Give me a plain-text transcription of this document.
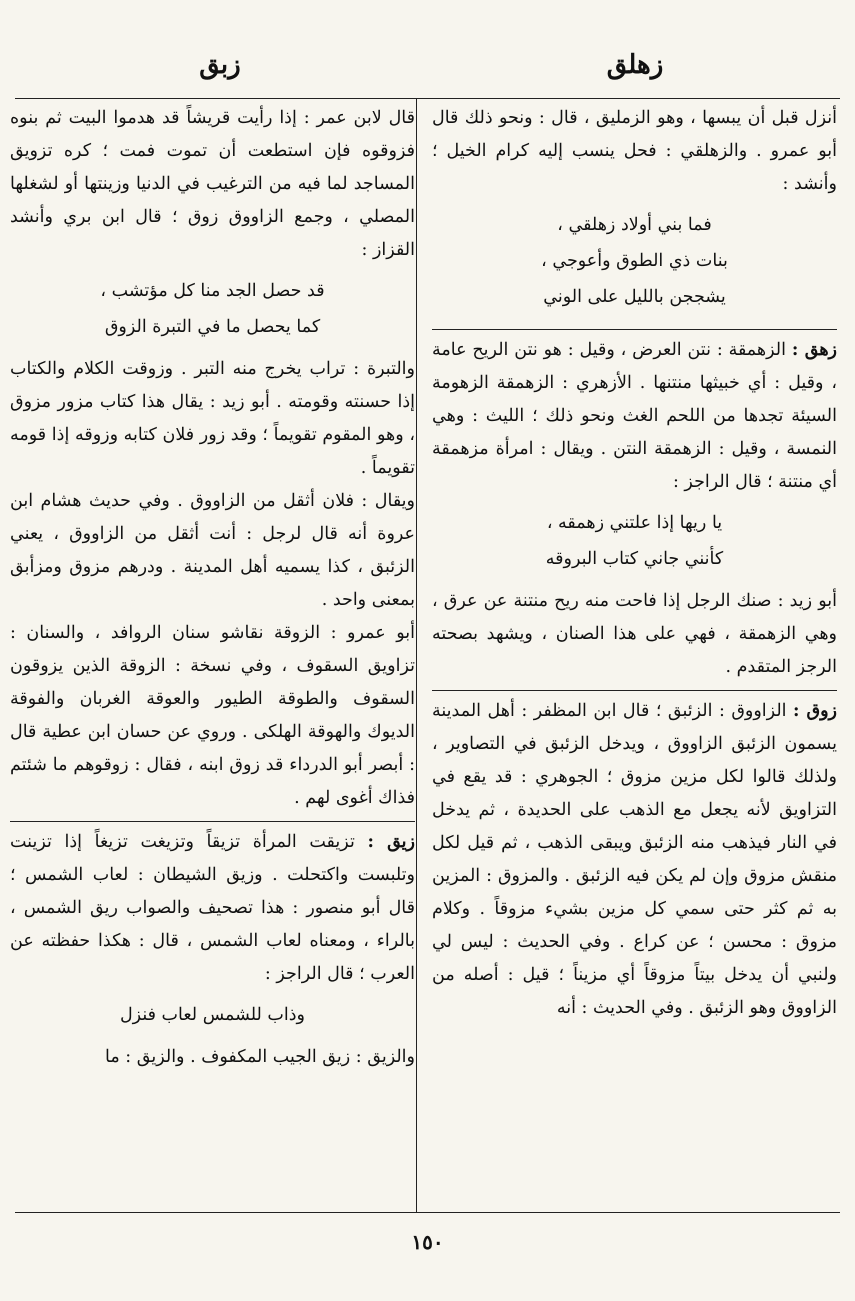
زهلق
زبق

أنزل قبل أن يبسها ، وهو الزمليق ، قال : ونحو ذلك قال أبو عمرو . والزهلقي : فحل ينسب إليه كرام الخيل ؛ وأنشد :

فما بني أولاد زهلقي ،
بنات ذي الطوق وأعوجي ،
يشججن بالليل على الوني

زهق : الزهمقة : نتن العرض ، وقيل : هو نتن الريح عامة ، وقيل : أي خبيثها منتنها . الأزهري : الزهمقة الزهومة السيئة تجدها من اللحم الغث ونحو ذلك ؛ الليث : وهي النمسة ، وقيل : الزهمقة النتن . ويقال : امرأة مزهمقة أي منتنة ؛ قال الراجز :

يا ريها إذا علتني زهمقه ،
كأنني جاني كتاب البروقه

أبو زيد : صنك الرجل إذا فاحت منه ريح منتنة عن عرق ، وهي الزهمقة ، فهي على هذا الصنان ، ويشهد بصحته الرجز المتقدم .

زوق : الزاووق : الزئبق ؛ قال ابن المظفر : أهل المدينة يسمون الزئبق الزاووق ، ويدخل الزئبق في التصاوير ، ولذلك قالوا لكل مزين مزوق ؛ الجوهري : قد يقع في التزاويق لأنه يجعل مع الذهب على الحديدة ، ثم يدخل في النار فيذهب منه الزئبق ويبقى الذهب ، ثم قيل لكل منقش مزوق وإن لم يكن فيه الزئبق . والمزوق : المزين به ثم كثر حتى سمي كل مزين بشيء مزوقاً . وكلام مزوق : محسن ؛ عن كراع . وفي الحديث : ليس لي ولنبي أن يدخل بيتاً مزوقاً أي مزيناً ؛ قيل : أصله من الزاووق وهو الزئبق . وفي الحديث : أنه

قال لابن عمر : إذا رأيت قريشاً قد هدموا البيت ثم بنوه فزوقوه فإن استطعت أن تموت فمت ؛ كره تزويق المساجد لما فيه من الترغيب في الدنيا وزينتها أو لشغلها المصلي ، وجمع الزاووق زوق ؛ قال ابن بري وأنشد القزاز :

قد حصل الجد منا كل مؤتشب ،
كما يحصل ما في التبرة الزوق

والتبرة : تراب يخرج منه التبر . وزوقت الكلام والكتاب إذا حسنته وقومته . أبو زيد : يقال هذا كتاب مزور مزوق ، وهو المقوم تقويماً ؛ وقد زور فلان كتابه وزوقه إذا قومه تقويماً .

ويقال : فلان أثقل من الزاووق . وفي حديث هشام ابن عروة أنه قال لرجل : أنت أثقل من الزاووق ، يعني الزئبق ، كذا يسميه أهل المدينة . ودرهم مزوق ومزأبق بمعنى واحد .

أبو عمرو : الزوقة نقاشو سنان الروافد ، والسنان : تزاويق السقوف ، وفي نسخة : الزوقة الذين يزوقون السقوف والطوقة الطيور والعوقة الغربان والفوقة الديوك والهوقة الهلكى . وروي عن حسان ابن عطية قال : أبصر أبو الدرداء قد زوق ابنه ، فقال : زوقوهم ما شئتم فذاك أغوى لهم .

زيق : تزيقت المرأة تزيقاً وتزيغت تزيغاً إذا تزينت وتلبست واكتحلت . وزيق الشيطان : لعاب الشمس ؛ قال أبو منصور : هذا تصحيف والصواب ريق الشمس ، بالراء ، ومعناه لعاب الشمس ، قال : هكذا حفظته عن العرب ؛ قال الراجز :

وذاب للشمس لعاب فنزل

والزيق : زيق الجيب المكفوف . والزيق : ما

١٥٠
